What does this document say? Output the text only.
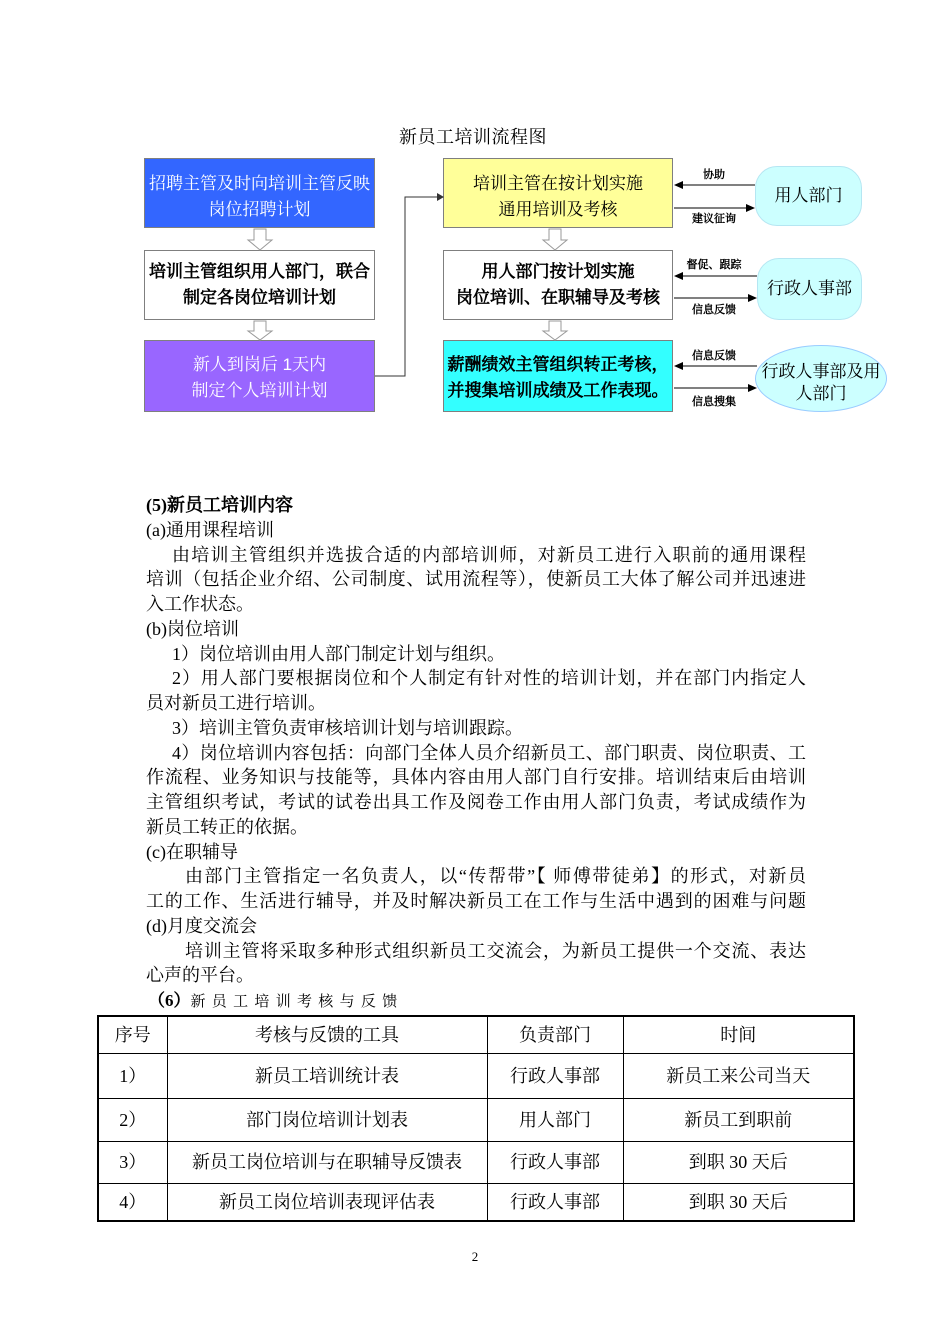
新员工培训流程图
招聘主管及时向培训主管反映
岗位招聘计划
培训主管组织用人部门，联合
制定各岗位培训计划
新人到岗后 1天内
制定个人培训计划
培训主管在按计划实施
通用培训及考核
用人部门按计划实施
岗位培训、在职辅导及考核
薪酬绩效主管组织转正考核，
并搜集培训成绩及工作表现。
用人部门
行政人事部
行政人事部及用
人部门
协助
建议征询
督促、跟踪
信息反馈
信息反馈
信息搜集
(5)新员工培训内容
(a)通用课程培训
由培训主管组织并选拔合适的内部培训师，对新员工进行入职前的通用课程
培训（包括企业介绍、公司制度、试用流程等），使新员工大体了解公司并迅速进
入工作状态。
(b)岗位培训
1）岗位培训由用人部门制定计划与组织。
2）用人部门要根据岗位和个人制定有针对性的培训计划，并在部门内指定人
员对新员工进行培训。
3）培训主管负责审核培训计划与培训跟踪。
4）岗位培训内容包括：向部门全体人员介绍新员工、部门职责、岗位职责、工
作流程、业务知识与技能等，具体内容由用人部门自行安排。培训结束后由培训
主管组织考试，考试的试卷出具工作及阅卷工作由用人部门负责，考试成绩作为
新员工转正的依据。
(c)在职辅导
由部门主管指定一名负责人，以“传帮带”【 师傅带徒弟】的形式，对新员
工的工作、生活进行辅导，并及时解决新员工在工作与生活中遇到的困难与问题
(d)月度交流会
培训主管将采取多种形式组织新员工交流会，为新员工提供一个交流、表达
心声的平台。
（6）新员工培训考核与反馈
序号	考核与反馈的工具	负责部门	时间
1）	新员工培训统计表	行政人事部	新员工来公司当天
2）	部门岗位培训计划表	用人部门	新员工到职前
3）	新员工岗位培训与在职辅导反馈表	行政人事部	到职 30 天后
4）	新员工岗位培训表现评估表	行政人事部	到职 30 天后
2
